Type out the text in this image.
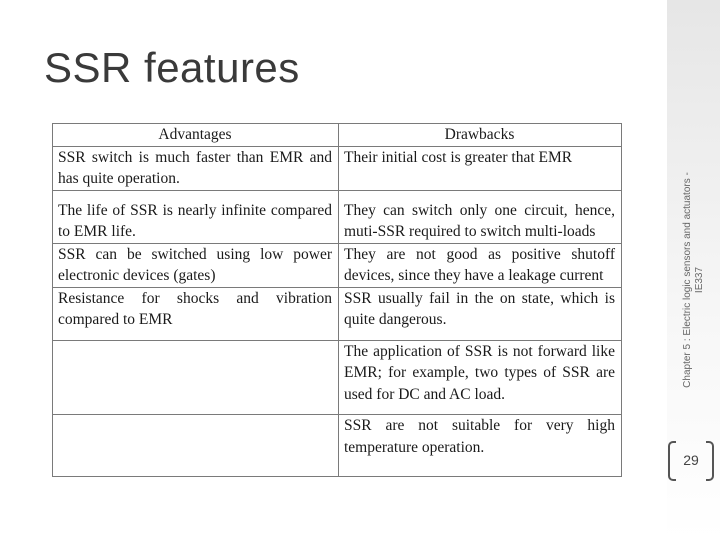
Chapter 5 : Electric logic sensors and actuators - IE337
29
SSR features
Advantages	Drawbacks
SSR switch is much faster than EMR and has quite operation.	Their initial cost is greater that EMR

The life of SSR is nearly infinite compared to EMR life.	They can switch only one circuit, hence, muti-SSR required to switch multi-loads

SSR can be switched using low power electronic devices (gates)	They are not good as positive shutoff devices, since they have a leakage current

Resistance for shocks and vibration compared to EMR	SSR usually fail in the on state, which is quite dangerous.

	The application of SSR is not forward like EMR; for example, two types of SSR are used for DC and AC load.

	SSR are not suitable for very high temperature operation.
